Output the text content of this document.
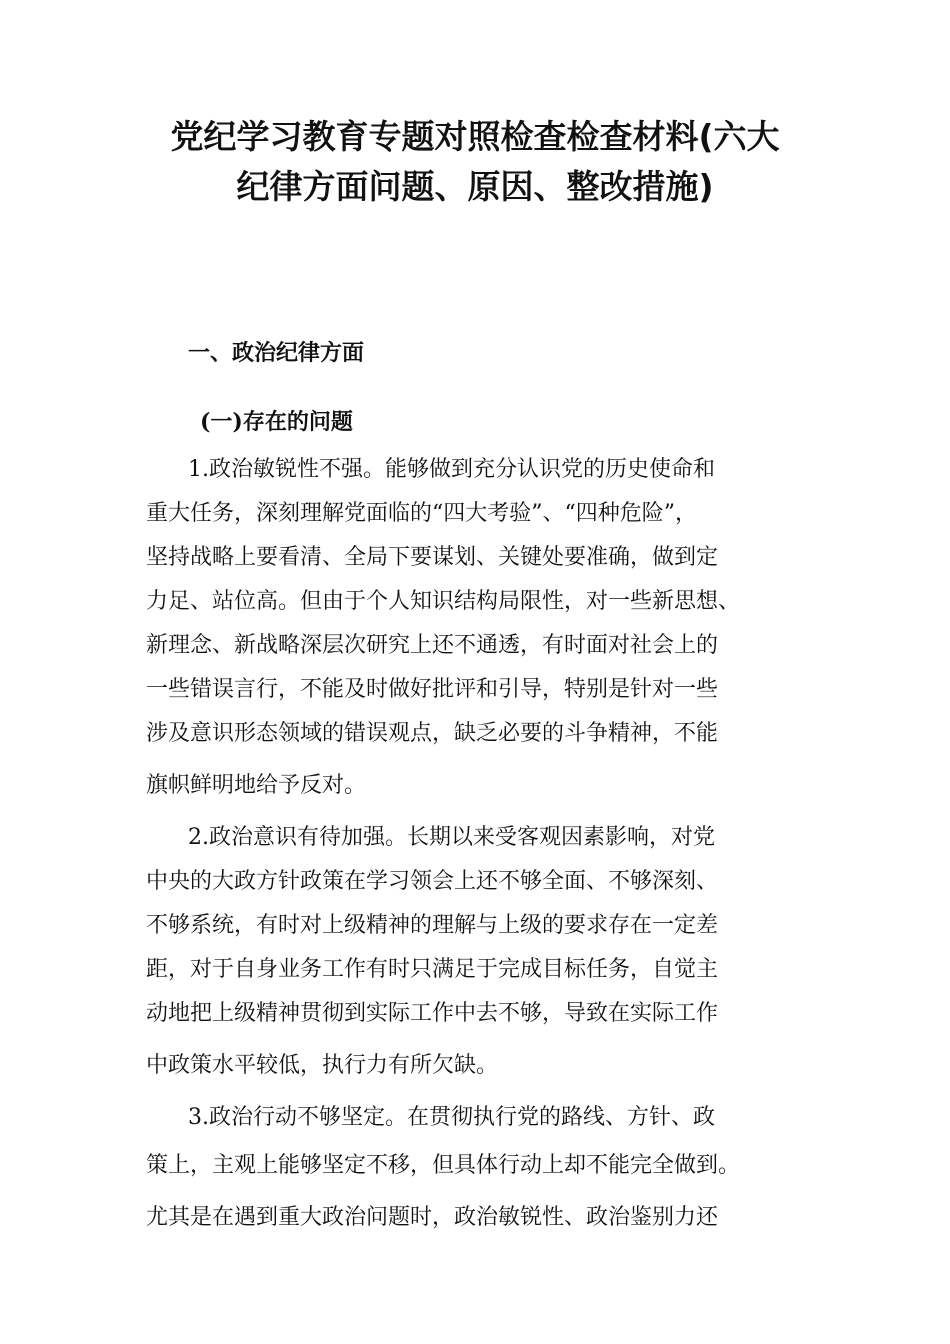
党纪学习教育专题对照检查检查材料(六大
纪律方面问题、原因、整改措施)
一、政治纪律方面
(一)存在的问题

1.政治敏锐性不强。能够做到充分认识党的历史使命和

重大任务，深刻理解党面临的“四大考验”、“四种危险”，

坚持战略上要看清、全局下要谋划、关键处要准确，做到定

力足、站位高。但由于个人知识结构局限性，对一些新思想、

新理念、新战略深层次研究上还不通透，有时面对社会上的

一些错误言行，不能及时做好批评和引导，特别是针对一些

涉及意识形态领域的错误观点，缺乏必要的斗争精神，不能

旗帜鲜明地给予反对。

2.政治意识有待加强。长期以来受客观因素影响，对党

中央的大政方针政策在学习领会上还不够全面、不够深刻、

不够系统，有时对上级精神的理解与上级的要求存在一定差

距，对于自身业务工作有时只满足于完成目标任务，自觉主

动地把上级精神贯彻到实际工作中去不够，导致在实际工作

中政策水平较低，执行力有所欠缺。

3.政治行动不够坚定。在贯彻执行党的路线、方针、政

策上，主观上能够坚定不移，但具体行动上却不能完全做到。

尤其是在遇到重大政治问题时，政治敏锐性、政治鉴别力还
